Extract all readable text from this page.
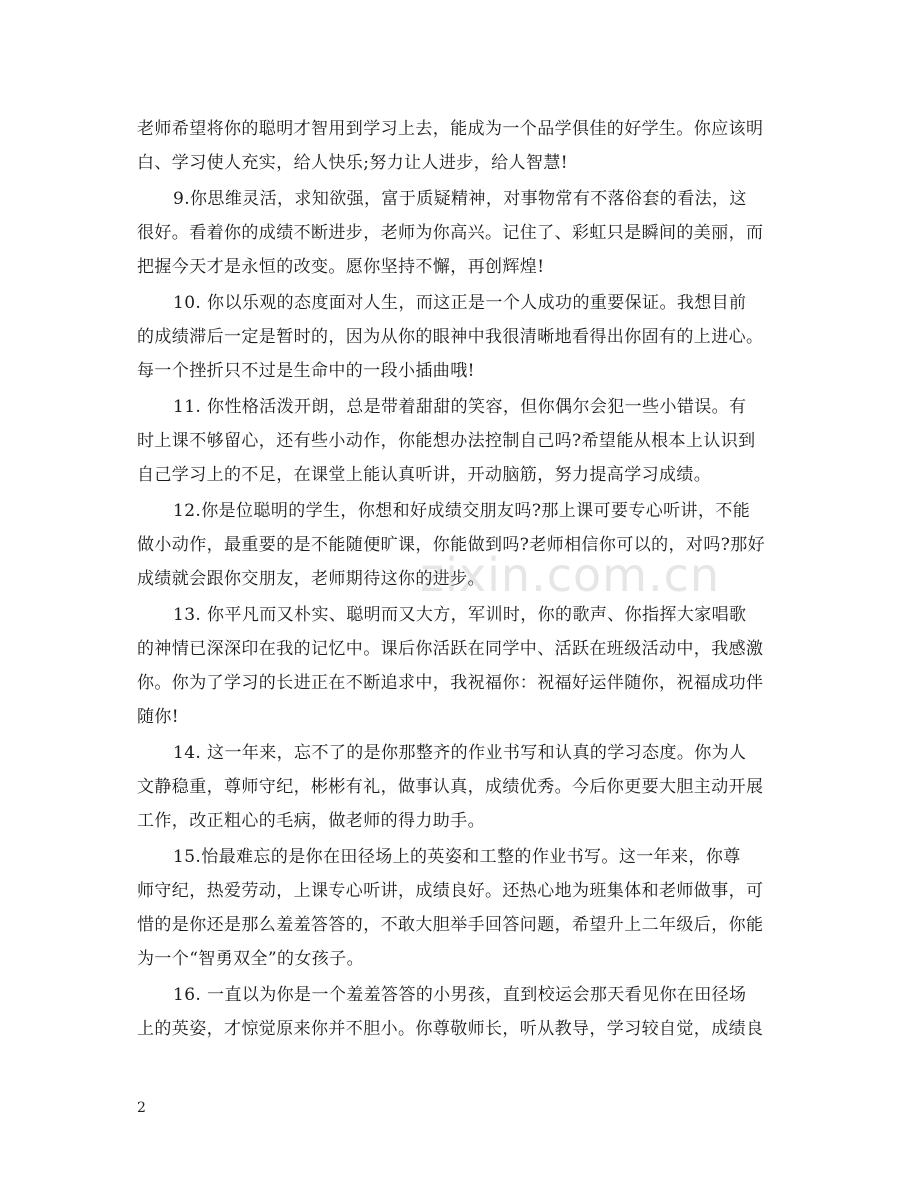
zixin.com.cn

老师希望将你的聪明才智用到学习上去，能成为一个品学俱佳的好学生。你应该明
白、学习使人充实，给人快乐;努力让人进步，给人智慧!

9.你思维灵活，求知欲强，富于质疑精神，对事物常有不落俗套的看法，这
很好。看着你的成绩不断进步，老师为你高兴。记住了、彩虹只是瞬间的美丽，而
把握今天才是永恒的改变。愿你坚持不懈，再创辉煌!

10. 你以乐观的态度面对人生，而这正是一个人成功的重要保证。我想目前
的成绩滞后一定是暂时的，因为从你的眼神中我很清晰地看得出你固有的上进心。
每一个挫折只不过是生命中的一段小插曲哦!

11. 你性格活泼开朗，总是带着甜甜的笑容，但你偶尔会犯一些小错误。有
时上课不够留心，还有些小动作，你能想办法控制自己吗?希望能从根本上认识到
自己学习上的不足，在课堂上能认真听讲，开动脑筋，努力提高学习成绩。

12.你是位聪明的学生，你想和好成绩交朋友吗?那上课可要专心听讲，不能
做小动作，最重要的是不能随便旷课，你能做到吗?老师相信你可以的，对吗?那好
成绩就会跟你交朋友，老师期待这你的进步。

13. 你平凡而又朴实、聪明而又大方，军训时，你的歌声、你指挥大家唱歌
的神情已深深印在我的记忆中。课后你活跃在同学中、活跃在班级活动中，我感激
你。你为了学习的长进正在不断追求中，我祝福你：祝福好运伴随你，祝福成功伴
随你!

14. 这一年来，忘不了的是你那整齐的作业书写和认真的学习态度。你为人
文静稳重，尊师守纪，彬彬有礼，做事认真，成绩优秀。今后你更要大胆主动开展
工作，改正粗心的毛病，做老师的得力助手。

15.怡最难忘的是你在田径场上的英姿和工整的作业书写。这一年来，你尊
师守纪，热爱劳动，上课专心听讲，成绩良好。还热心地为班集体和老师做事，可
惜的是你还是那么羞羞答答的，不敢大胆举手回答问题，希望升上二年级后，你能
为一个“智勇双全”的女孩子。

16. 一直以为你是一个羞羞答答的小男孩，直到校运会那天看见你在田径场
上的英姿，才惊觉原来你并不胆小。你尊敬师长，听从教导，学习较自觉，成绩良

2
